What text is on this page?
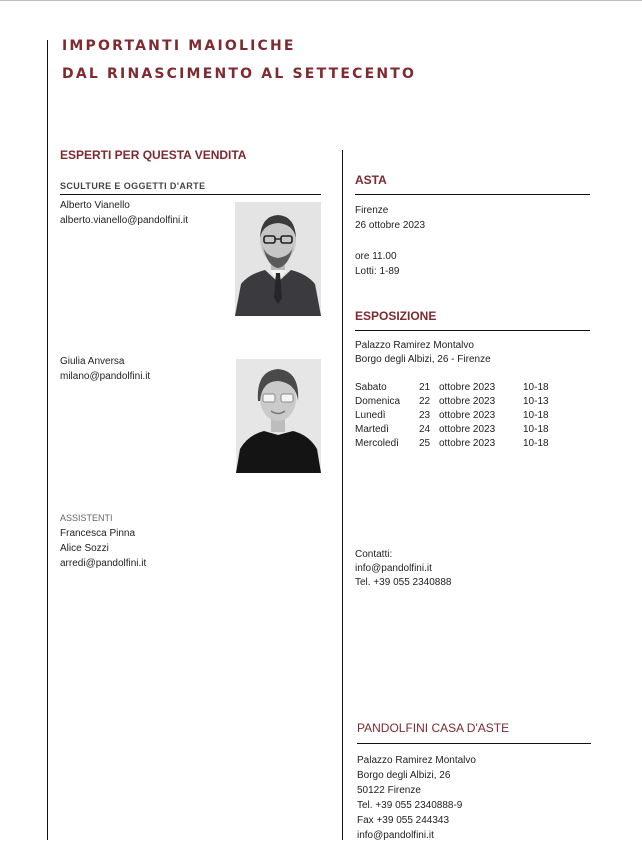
IMPORTANTI MAIOLICHE
DAL RINASCIMENTO AL SETTECENTO
ESPERTI PER QUESTA VENDITA
SCULTURE E OGGETTI D'ARTE
Alberto Vianello
alberto.vianello@pandolfini.it
Giulia Anversa
milano@pandolfini.it
ASSISTENTI
Francesca Pinna
Alice Sozzi
arredi@pandolfini.it
ASTA
Firenze
26 ottobre 2023
ore 11.00
Lotti: 1-89
ESPOSIZIONE
Palazzo Ramirez Montalvo
Borgo degli Albizi, 26 - Firenze
Sabato	21	ottobre 2023	10-18
Domenica	22	ottobre 2023	10-13
Lunedì	23	ottobre 2023	10-18
Martedì	24	ottobre 2023	10-18
Mercoledì	25	ottobre 2023	10-18
Contatti:
info@pandolfini.it
Tel. +39 055 2340888
PANDOLFINI CASA D'ASTE
Palazzo Ramirez Montalvo
Borgo degli Albizi, 26
50122 Firenze
Tel. +39 055 2340888-9
Fax +39 055 244343
info@pandolfini.it
